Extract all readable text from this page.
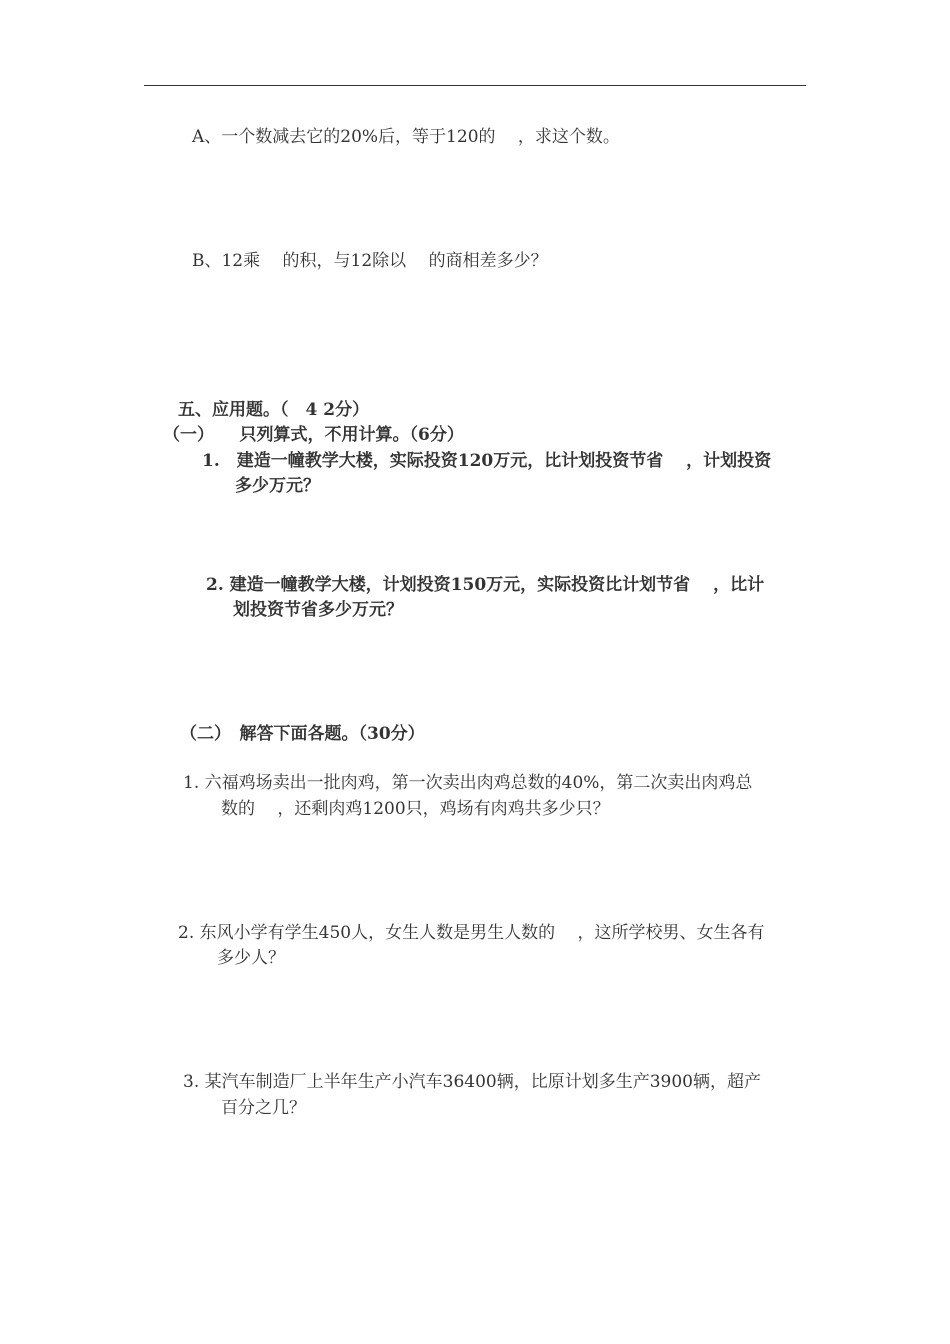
A、一个数减去它的20%后，等于120的 　，求这个数。
B、12乘 　的积，与12除以 　的商相差多少？
五、应用题。（　4 2分）
（一）　　只列算式，不用计算。（6分）
1.　建造一幢教学大楼，实际投资120万元，比计划投资节省 　，计划投资
多少万元？
2. 建造一幢教学大楼，计划投资150万元，实际投资比计划节省 　，比计
划投资节省多少万元？
（二）　解答下面各题。（30分）
1. 六福鸡场卖出一批肉鸡，第一次卖出肉鸡总数的40%，第二次卖出肉鸡总
数的 　，还剩肉鸡1200只，鸡场有肉鸡共多少只？
2. 东风小学有学生450人，女生人数是男生人数的 　，这所学校男、女生各有
多少人？
3. 某汽车制造厂上半年生产小汽车36400辆，比原计划多生产3900辆，超产
百分之几？
